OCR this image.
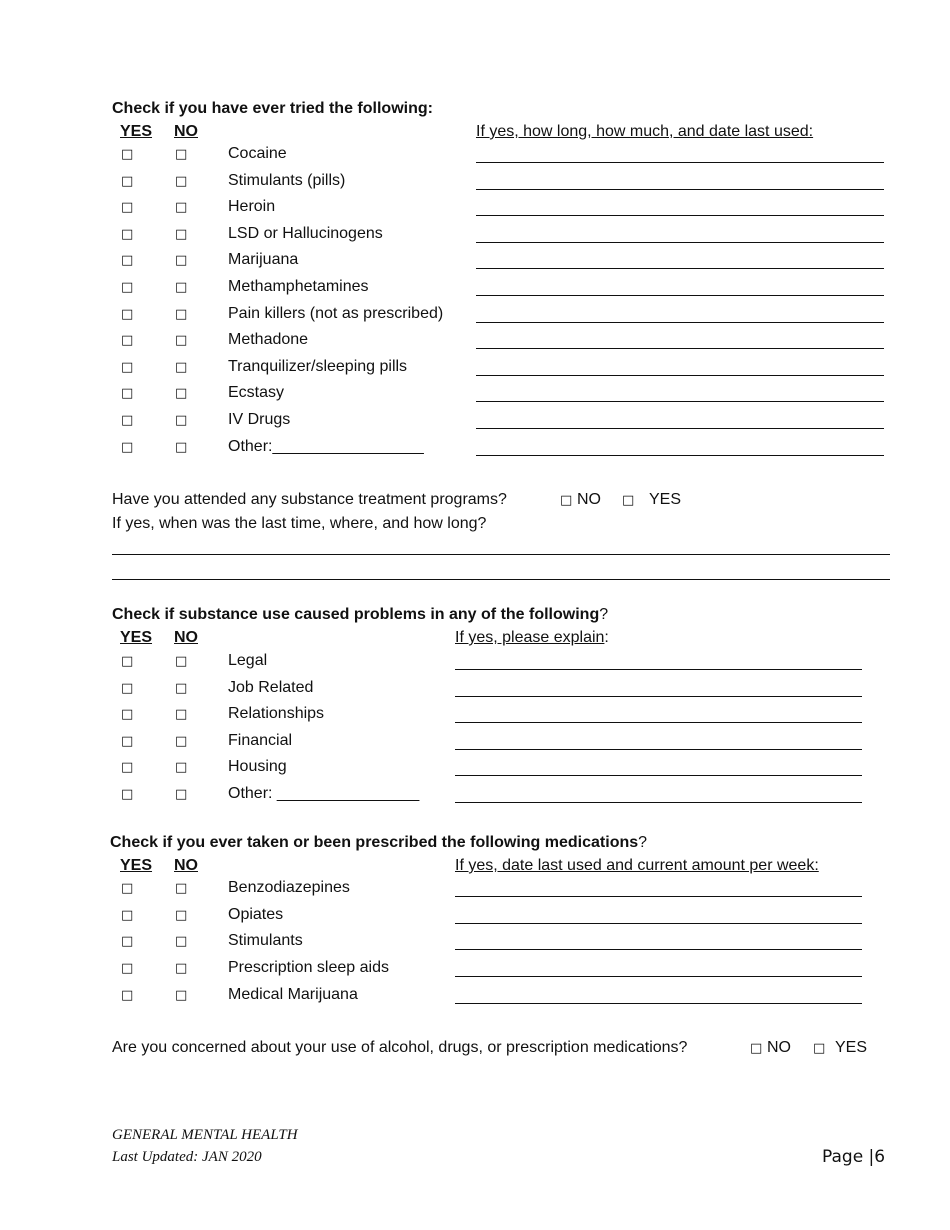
Check if you have ever tried the following:
YES NO	If yes, how long, how much, and date last used:
□	□	Cocaine
□	□	Stimulants (pills)
□	□	Heroin
□	□	LSD or Hallucinogens
□	□	Marijuana
□	□	Methamphetamines
□	□	Pain killers (not as prescribed)
□	□	Methadone
□	□	Tranquilizer/sleeping pills
□	□	Ecstasy
□	□	IV Drugs
□	□	Other:_________________
Have you attended any substance treatment programs?	□ NO □ YES
If yes, when was the last time, where, and how long?
Check if substance use caused problems in any of the following?
YES NO	If yes, please explain:
□	□	Legal
□	□	Job Related
□	□	Relationships
□	□	Financial
□	□	Housing
□	□	Other: ________________
Check if you ever taken or been prescribed the following medications?
YES NO	If yes, date last used and current amount per week:
□	□	Benzodiazepines
□	□	Opiates
□	□	Stimulants
□	□	Prescription sleep aids
□	□	Medical Marijuana
Are you concerned about your use of alcohol, drugs, or prescription medications?	□ NO □ YES
GENERAL MENTAL HEALTH
Last Updated: JAN 2020	Page |6
